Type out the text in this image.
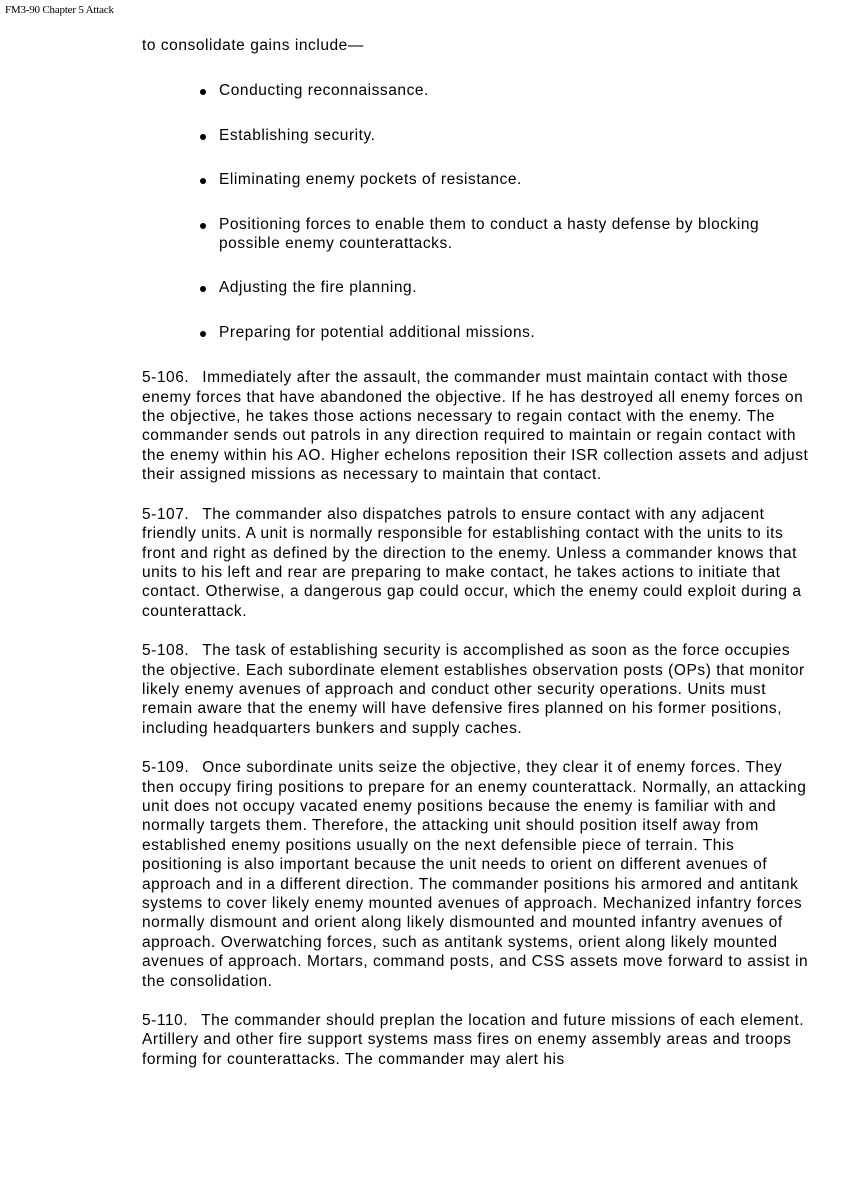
FM3-90 Chapter 5 Attack

to consolidate gains include—

Conducting reconnaissance.
Establishing security.
Eliminating enemy pockets of resistance.
Positioning forces to enable them to conduct a hasty defense by blocking possible enemy counterattacks.
Adjusting the fire planning.
Preparing for potential additional missions.

5-106. Immediately after the assault, the commander must maintain contact with those enemy forces that have abandoned the objective. If he has destroyed all enemy forces on the objective, he takes those actions necessary to regain contact with the enemy. The commander sends out patrols in any direction required to maintain or regain contact with the enemy within his AO. Higher echelons reposition their ISR collection assets and adjust their assigned missions as necessary to maintain that contact.

5-107. The commander also dispatches patrols to ensure contact with any adjacent friendly units. A unit is normally responsible for establishing contact with the units to its front and right as defined by the direction to the enemy. Unless a commander knows that units to his left and rear are preparing to make contact, he takes actions to initiate that contact. Otherwise, a dangerous gap could occur, which the enemy could exploit during a counterattack.

5-108. The task of establishing security is accomplished as soon as the force occupies the objective. Each subordinate element establishes observation posts (OPs) that monitor likely enemy avenues of approach and conduct other security operations. Units must remain aware that the enemy will have defensive fires planned on his former positions, including headquarters bunkers and supply caches.

5-109. Once subordinate units seize the objective, they clear it of enemy forces. They then occupy firing positions to prepare for an enemy counterattack. Normally, an attacking unit does not occupy vacated enemy positions because the enemy is familiar with and normally targets them. Therefore, the attacking unit should position itself away from established enemy positions usually on the next defensible piece of terrain. This positioning is also important because the unit needs to orient on different avenues of approach and in a different direction. The commander positions his armored and antitank systems to cover likely enemy mounted avenues of approach. Mechanized infantry forces normally dismount and orient along likely dismounted and mounted infantry avenues of approach. Overwatching forces, such as antitank systems, orient along likely mounted avenues of approach. Mortars, command posts, and CSS assets move forward to assist in the consolidation.

5-110. The commander should preplan the location and future missions of each element. Artillery and other fire support systems mass fires on enemy assembly areas and troops forming for counterattacks. The commander may alert his
